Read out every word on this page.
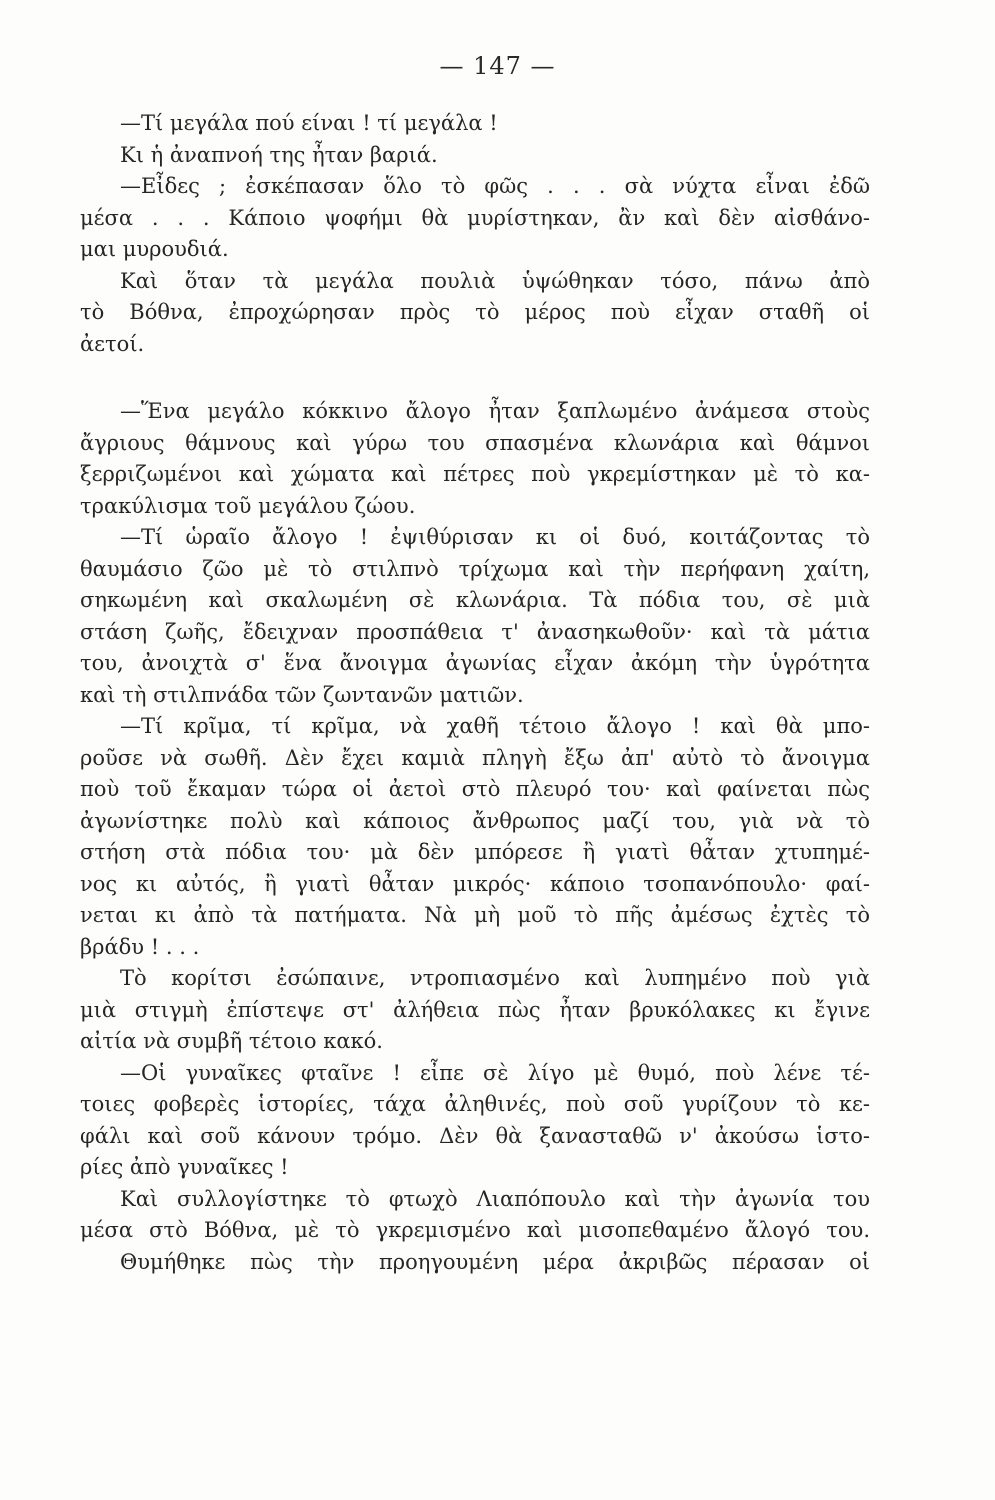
— 147 —
—Τί μεγάλα πού είναι ! τί μεγάλα !
Κι ἡ ἀναπνοή της ἦταν βαριά.
—Εἶδες ; ἐσκέπασαν ὅλο τὸ φῶς . . . σὰ νύχτα εἶναι ἐδῶ
μέσα . . . Κάποιο ψοφήμι θὰ μυρίστηκαν, ἂν καὶ δὲν αἰσθάνο-
μαι μυρουδιά.
Καὶ ὅταν τὰ μεγάλα πουλιὰ ὑψώθηκαν τόσο, πάνω ἀπὸ
τὸ Βόθνα, ἐπροχώρησαν πρὸς τὸ μέρος ποὺ εἶχαν σταθῆ οἱ
ἀετοί.
—Ἕνα μεγάλο κόκκινο ἄλογο ἦταν ξαπλωμένο ἀνάμεσα στοὺς
ἄγριους θάμνους καὶ γύρω του σπασμένα κλωνάρια καὶ θάμνοι
ξερριζωμένοι καὶ χώματα καὶ πέτρες ποὺ γκρεμίστηκαν μὲ τὸ κα-
τρακύλισμα τοῦ μεγάλου ζώου.
—Τί ὡραῖο ἄλογο ! ἐψιθύρισαν κι οἱ δυό, κοιτάζοντας τὸ
θαυμάσιο ζῶο μὲ τὸ στιλπνὸ τρίχωμα καὶ τὴν περήφανη χαίτη,
σηκωμένη καὶ σκαλωμένη σὲ κλωνάρια. Τὰ πόδια του, σὲ μιὰ
στάση ζωῆς, ἔδειχναν προσπάθεια τ' ἀνασηκωθοῦν· καὶ τὰ μάτια
του, ἀνοιχτὰ σ' ἕνα ἄνοιγμα ἀγωνίας εἶχαν ἀκόμη τὴν ὑγρότητα
καὶ τὴ στιλπνάδα τῶν ζωντανῶν ματιῶν.
—Τί κρῖμα, τί κρῖμα, νὰ χαθῆ τέτοιο ἄλογο ! καὶ θὰ μπο-
ροῦσε νὰ σωθῆ. Δὲν ἔχει καμιὰ πληγὴ ἔξω ἀπ' αὐτὸ τὸ ἄνοιγμα
ποὺ τοῦ ἔκαμαν τώρα οἱ ἀετοὶ στὸ πλευρό του· καὶ φαίνεται πὼς
ἀγωνίστηκε πολὺ καὶ κάποιος ἄνθρωπος μαζί του, γιὰ νὰ τὸ
στήση στὰ πόδια του· μὰ δὲν μπόρεσε ἢ γιατὶ θἆταν χτυπημέ-
νος κι αὐτός, ἢ γιατὶ θἆταν μικρός· κάποιο τσοπανόπουλο· φαί-
νεται κι ἀπὸ τὰ πατήματα. Νὰ μὴ μοῦ τὸ πῆς ἀμέσως ἐχτὲς τὸ
βράδυ ! . . .
Τὸ κορίτσι ἐσώπαινε, ντροπιασμένο καὶ λυπημένο ποὺ γιὰ
μιὰ στιγμὴ ἐπίστεψε στ' ἀλήθεια πὼς ἦταν βρυκόλακες κι ἔγινε
αἰτία νὰ συμβῆ τέτοιο κακό.
—Οἱ γυναῖκες φταῖνε ! εἶπε σὲ λίγο μὲ θυμό, ποὺ λένε τέ-
τοιες φοβερὲς ἱστορίες, τάχα ἀληθινές, ποὺ σοῦ γυρίζουν τὸ κε-
φάλι καὶ σοῦ κάνουν τρόμο. Δὲν θὰ ξανασταθῶ ν' ἀκούσω ἱστο-
ρίες ἀπὸ γυναῖκες !
Καὶ συλλογίστηκε τὸ φτωχὸ Λιαπόπουλο καὶ τὴν ἀγωνία του
μέσα στὸ Βόθνα, μὲ τὸ γκρεμισμένο καὶ μισοπεθαμένο ἄλογό του.
Θυμήθηκε πὼς τὴν προηγουμένη μέρα ἀκριβῶς πέρασαν οἱ
